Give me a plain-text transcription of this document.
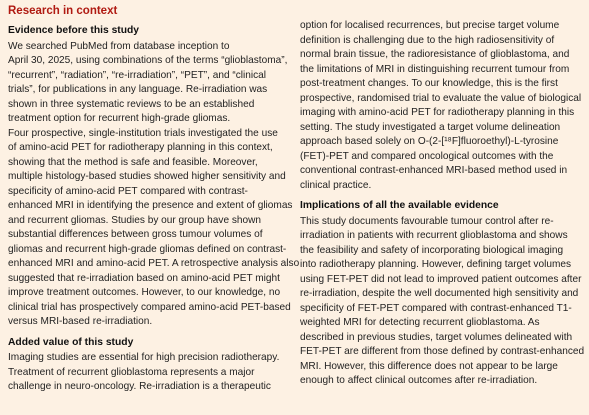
Research in context
Evidence before this study
We searched PubMed from database inception to
April 30, 2025, using combinations of the terms “glioblastoma”,
“recurrent”, “radiation”, “re-irradiation”, “PET”, and “clinical
trials”, for publications in any language. Re-irradiation was
shown in three systematic reviews to be an established
treatment option for recurrent high-grade gliomas.
Four prospective, single-institution trials investigated the use
of amino-acid PET for radiotherapy planning in this context,
showing that the method is safe and feasible. Moreover,
multiple histology-based studies showed higher sensitivity and
specificity of amino-acid PET compared with contrast-
enhanced MRI in identifying the presence and extent of gliomas
and recurrent gliomas. Studies by our group have shown
substantial differences between gross tumour volumes of
gliomas and recurrent high-grade gliomas defined on contrast-
enhanced MRI and amino-acid PET. A retrospective analysis also
suggested that re-irradiation based on amino-acid PET might
improve treatment outcomes. However, to our knowledge, no
clinical trial has prospectively compared amino-acid PET-based
versus MRI-based re-irradiation.
Added value of this study
Imaging studies are essential for high precision radiotherapy.
Treatment of recurrent glioblastoma represents a major
challenge in neuro-oncology. Re-irradiation is a therapeutic
option for localised recurrences, but precise target volume
definition is challenging due to the high radiosensitivity of
normal brain tissue, the radioresistance of glioblastoma, and
the limitations of MRI in distinguishing recurrent tumour from
post-treatment changes. To our knowledge, this is the first
prospective, randomised trial to evaluate the value of biological
imaging with amino-acid PET for radiotherapy planning in this
setting. The study investigated a target volume delineation
approach based solely on O-(2-[¹⁸F]fluoroethyl)-L-tyrosine
(FET)-PET and compared oncological outcomes with the
conventional contrast-enhanced MRI-based method used in
clinical practice.
Implications of all the available evidence
This study documents favourable tumour control after re-
irradiation in patients with recurrent glioblastoma and shows
the feasibility and safety of incorporating biological imaging
into radiotherapy planning. However, defining target volumes
using FET-PET did not lead to improved patient outcomes after
re-irradiation, despite the well documented high sensitivity and
specificity of FET-PET compared with contrast-enhanced T1-
weighted MRI for detecting recurrent glioblastoma. As
described in previous studies, target volumes delineated with
FET-PET are different from those defined by contrast-enhanced
MRI. However, this difference does not appear to be large
enough to affect clinical outcomes after re-irradiation.
